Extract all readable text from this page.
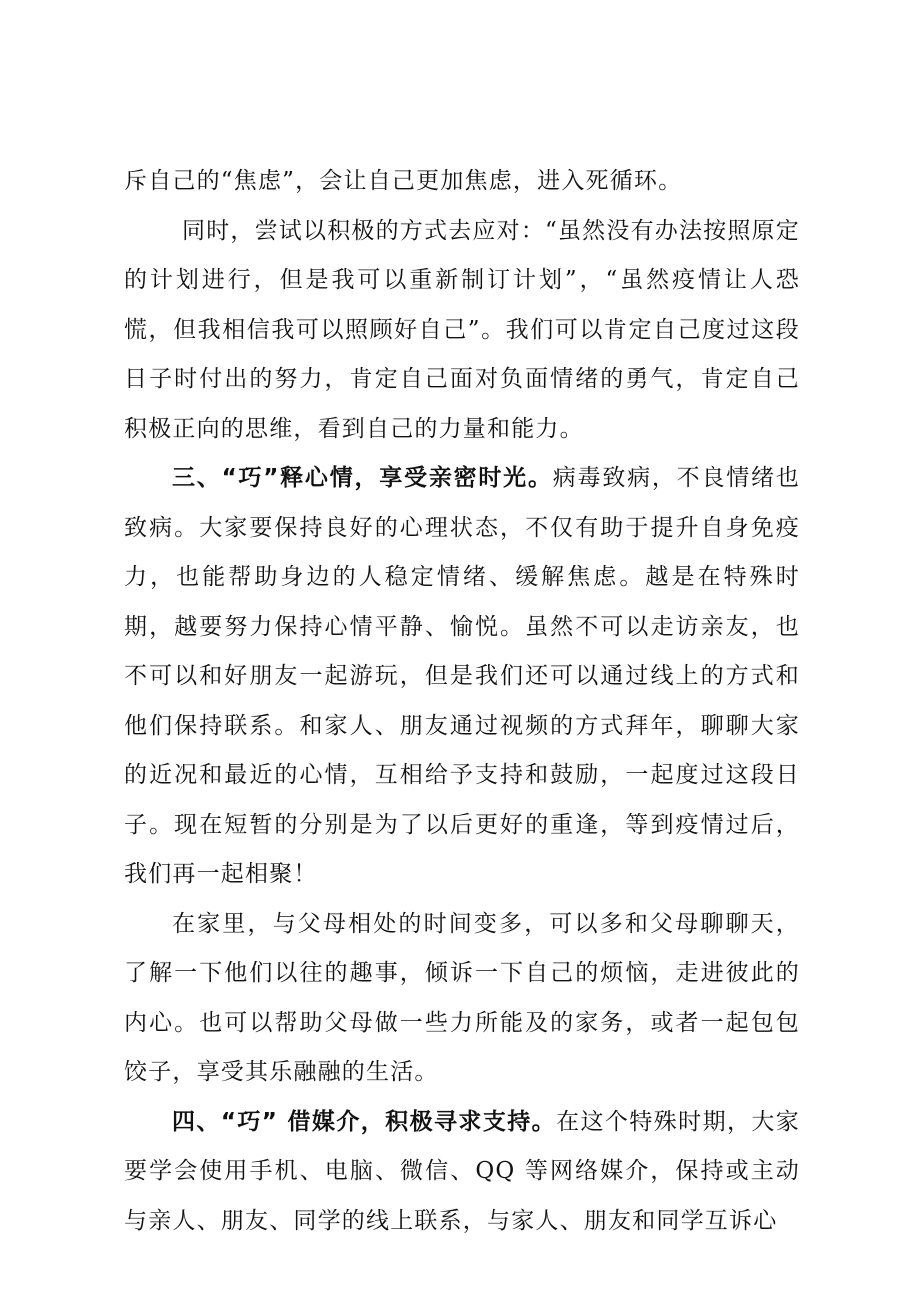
斥自己的“焦虑”，会让自己更加焦虑，进入死循环。

同时，尝试以积极的方式去应对：“虽然没有办法按照原定的计划进行，但是我可以重新制订计划”，“虽然疫情让人恐慌，但我相信我可以照顾好自己”。我们可以肯定自己度过这段日子时付出的努力，肯定自己面对负面情绪的勇气，肯定自己积极正向的思维，看到自己的力量和能力。

三、“巧”释心情，享受亲密时光。病毒致病，不良情绪也致病。大家要保持良好的心理状态，不仅有助于提升自身免疫力，也能帮助身边的人稳定情绪、缓解焦虑。越是在特殊时期，越要努力保持心情平静、愉悦。虽然不可以走访亲友，也不可以和好朋友一起游玩，但是我们还可以通过线上的方式和他们保持联系。和家人、朋友通过视频的方式拜年，聊聊大家的近况和最近的心情，互相给予支持和鼓励，一起度过这段日子。现在短暂的分别是为了以后更好的重逢，等到疫情过后，我们再一起相聚！

在家里，与父母相处的时间变多，可以多和父母聊聊天，了解一下他们以往的趣事，倾诉一下自己的烦恼，走进彼此的内心。也可以帮助父母做一些力所能及的家务，或者一起包包饺子，享受其乐融融的生活。

四、“巧” 借媒介，积极寻求支持。在这个特殊时期，大家要学会使用手机、电脑、微信、QQ 等网络媒介，保持或主动与亲人、朋友、同学的线上联系，与家人、朋友和同学互诉心
